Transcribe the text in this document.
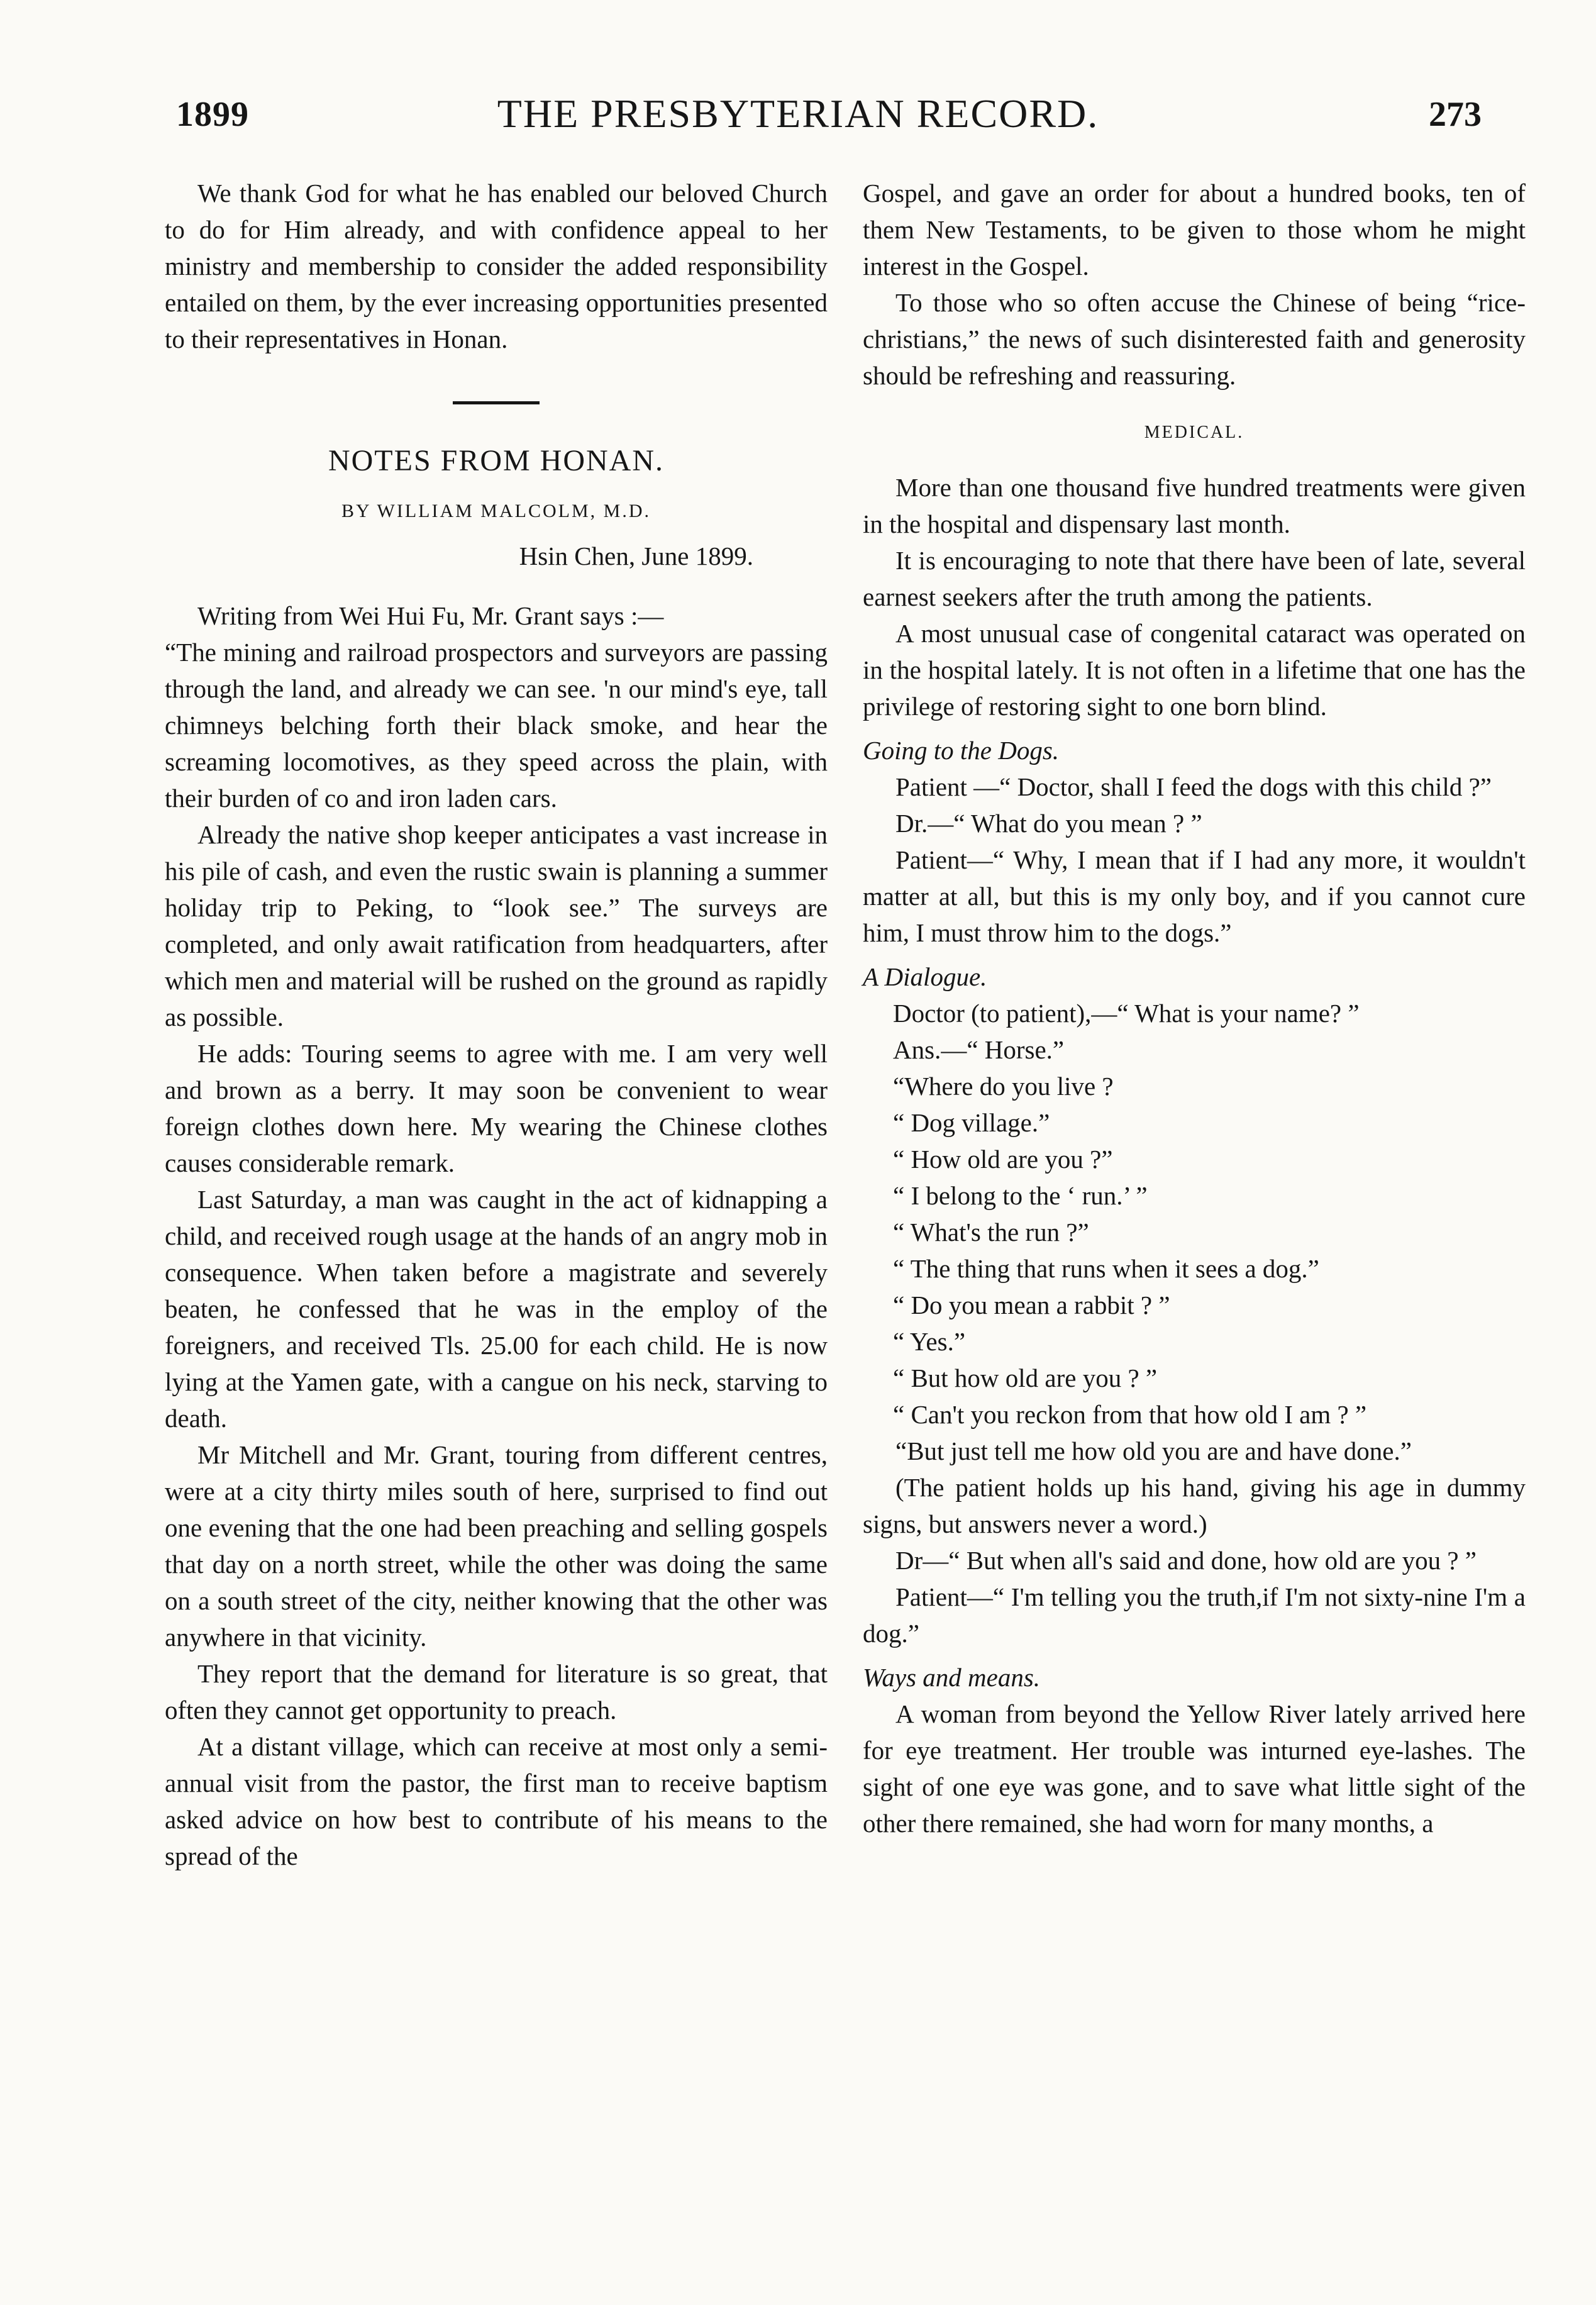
1899	THE PRESBYTERIAN RECORD.	273

We thank God for what he has enabled our beloved Church to do for Him already, and with confidence appeal to her ministry and membership to consider the added responsibility entailed on them, by the ever increasing opportunities presented to their representatives in Honan.

NOTES FROM HONAN.
BY WILLIAM MALCOLM, M.D.
Hsin Chen, June 1899.

Writing from Wei Hui Fu, Mr. Grant says :—

“The mining and railroad prospectors and surveyors are passing through the land, and already we can see. 'n our mind's eye, tall chimneys belching forth their black smoke, and hear the screaming locomotives, as they speed across the plain, with their burden of co and iron laden cars.

Already the native shop keeper anticipates a vast increase in his pile of cash, and even the rustic swain is planning a summer holiday trip to Peking, to “look see.” The surveys are completed, and only await ratification from headquarters, after which men and material will be rushed on the ground as rapidly as possible.

He adds: Touring seems to agree with me. I am very well and brown as a berry. It may soon be convenient to wear foreign clothes down here. My wearing the Chinese clothes causes considerable remark.

Last Saturday, a man was caught in the act of kidnapping a child, and received rough usage at the hands of an angry mob in consequence. When taken before a magistrate and severely beaten, he confessed that he was in the employ of the foreigners, and received Tls. 25.00 for each child. He is now lying at the Yamen gate, with a cangue on his neck, starving to death.

Mr Mitchell and Mr. Grant, touring from different centres, were at a city thirty miles south of here, surprised to find out one evening that the one had been preaching and selling gospels that day on a north street, while the other was doing the same on a south street of the city, neither knowing that the other was anywhere in that vicinity.

They report that the demand for literature is so great, that often they cannot get opportunity to preach.

At a distant village, which can receive at most only a semi-annual visit from the pastor, the first man to receive baptism asked advice on how best to contribute of his means to the spread of the

Gospel, and gave an order for about a hundred books, ten of them New Testaments, to be given to those whom he might interest in the Gospel.

To those who so often accuse the Chinese of being “rice-christians,” the news of such disinterested faith and generosity should be refreshing and reassuring.

MEDICAL.

More than one thousand five hundred treatments were given in the hospital and dispensary last month.

It is encouraging to note that there have been of late, several earnest seekers after the truth among the patients.

A most unusual case of congenital cataract was operated on in the hospital lately. It is not often in a lifetime that one has the privilege of restoring sight to one born blind.

Going to the Dogs.

Patient —“ Doctor, shall I feed the dogs with this child ?”

Dr.—“ What do you mean ? ”

Patient—“ Why, I mean that if I had any more, it wouldn't matter at all, but this is my only boy, and if you cannot cure him, I must throw him to the dogs.”

A Dialogue.

Doctor (to patient),—“ What is your name? ”

Ans.—“ Horse.”

“Where do you live ?

“ Dog village.”

“ How old are you ?”

“ I belong to the ‘ run.’ ”

“ What's the run ?”

“ The thing that runs when it sees a dog.”

“ Do you mean a rabbit ? ”

“ Yes.”

“ But how old are you ? ”

“ Can't you reckon from that how old I am ? ”

“But just tell me how old you are and have done.”

(The patient holds up his hand, giving his age in dummy signs, but answers never a word.)

Dr—“ But when all's said and done, how old are you ? ”

Patient—“ I'm telling you the truth,if I'm not sixty-nine I'm a dog.”

Ways and means.

A woman from beyond the Yellow River lately arrived here for eye treatment. Her trouble was inturned eye-lashes. The sight of one eye was gone, and to save what little sight of the other there remained, she had worn for many months, a
